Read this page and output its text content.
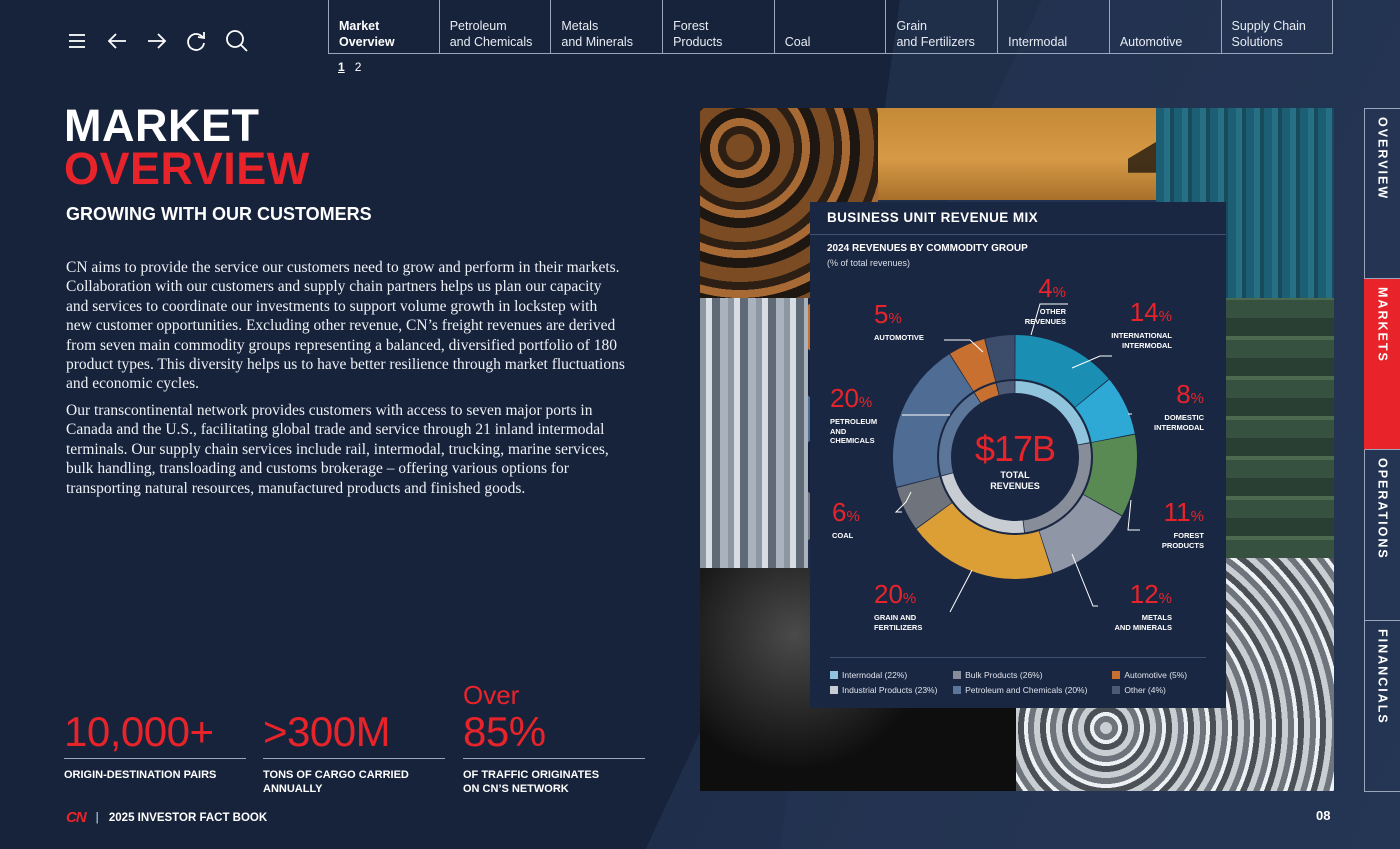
Market
Overview
Petroleum
and Chemicals
Metals
and Minerals
Forest
Products	Coal
Grain
and Fertilizers	Intermodal	Automotive
Supply Chain
Solutions
1 2
OVERVIEW
MARKETS
OPERATIONS
FINANCIALS
MARKET
OVERVIEW
GROWING WITH OUR CUSTOMERS
CN aims to provide the service our customers need to grow and perform in their markets. Collaboration with our customers and supply chain partners helps us plan our capacity and services to coordinate our investments to support volume growth in lockstep with new customer opportunities. Excluding other revenue, CN’s freight revenues are derived from seven main commodity groups representing a balanced, diversified portfolio of 180 product types. This diversity helps us to have better resilience through market fluctuations and economic cycles.
Our transcontinental network provides customers with access to seven major ports in Canada and the U.S., facilitating global trade and service through 21 inland intermodal terminals. Our supply chain services include rail, intermodal, trucking, marine services, bulk handling, transloading and customs brokerage – offering various options for transporting natural resources, manufactured products and finished goods.
10,000+
ORIGIN-DESTINATION PAIRS
>300M
TONS OF CARGO CARRIED
ANNUALLY
Over
85%
OF TRAFFIC ORIGINATES
ON CN’S NETWORK
CN | 2025 INVESTOR FACT BOOK	08
BUSINESS UNIT REVENUE MIX
2024 REVENUES BY COMMODITY GROUP
(% of total revenues)
$17B
TOTAL
REVENUES
5%
AUTOMOTIVE
4%
OTHER
REVENUES	14%
INTERNATIONAL
INTERMODAL
8%
DOMESTIC
INTERMODAL
20%
PETROLEUM
AND
CHEMICALS
11%
FOREST
PRODUCTS
6%
COAL
20%
GRAIN AND
FERTILIZERS
12%
METALS
AND MINERALS
Intermodal (22%)	Bulk Products (26%)	Automotive (5%)
Industrial Products (23%)	Petroleum and Chemicals (20%)	Other (4%)
